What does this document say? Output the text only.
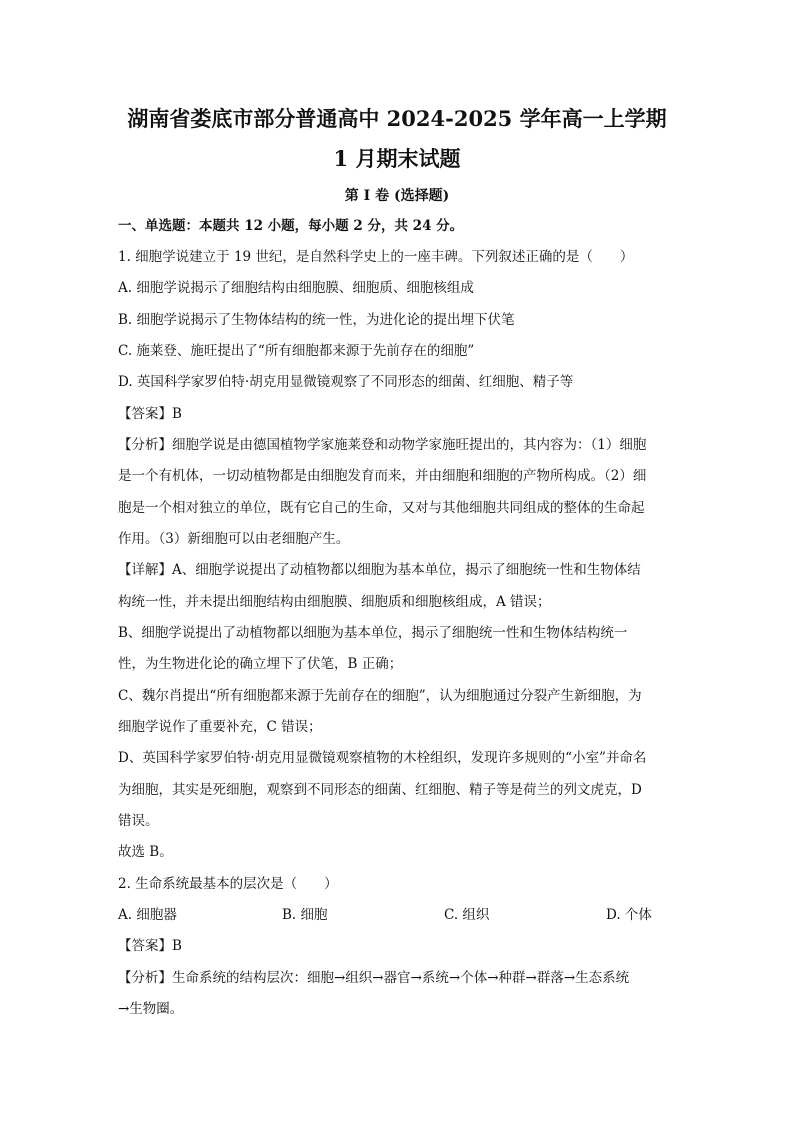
湖南省娄底市部分普通高中 2024-2025 学年高一上学期
1 月期末试题
第 I 卷 (选择题)
一、单选题：本题共 12 小题，每小题 2 分，共 24 分。
1. 细胞学说建立于 19 世纪，是自然科学史上的一座丰碑。下列叙述正确的是（　　）
A. 细胞学说揭示了细胞结构由细胞膜、细胞质、细胞核组成
B. 细胞学说揭示了生物体结构的统一性，为进化论的提出埋下伏笔
C. 施莱登、施旺提出了“所有细胞都来源于先前存在的细胞”
D. 英国科学家罗伯特·胡克用显微镜观察了不同形态的细菌、红细胞、精子等
【答案】B
【分析】细胞学说是由德国植物学家施莱登和动物学家施旺提出的，其内容为：（1）细胞
是一个有机体，一切动植物都是由细胞发育而来，并由细胞和细胞的产物所构成。（2）细
胞是一个相对独立的单位，既有它自己的生命，又对与其他细胞共同组成的整体的生命起
作用。（3）新细胞可以由老细胞产生。
【详解】A、细胞学说提出了动植物都以细胞为基本单位，揭示了细胞统一性和生物体结
构统一性，并未提出细胞结构由细胞膜、细胞质和细胞核组成，A 错误；
B、细胞学说提出了动植物都以细胞为基本单位，揭示了细胞统一性和生物体结构统一
性，为生物进化论的确立埋下了伏笔，B 正确；
C、魏尔肖提出“所有细胞都来源于先前存在的细胞”，认为细胞通过分裂产生新细胞，为
细胞学说作了重要补充，C 错误；
D、英国科学家罗伯特·胡克用显微镜观察植物的木栓组织，发现许多规则的“小室”并命名
为细胞，其实是死细胞，观察到不同形态的细菌、红细胞、精子等是荷兰的列文虎克，D
错误。
故选 B。
2. 生命系统最基本的层次是（　　）
A. 细胞器	B. 细胞	C. 组织	D. 个体
【答案】B
【分析】生命系统的结构层次：细胞→组织→器官→系统→个体→种群→群落→生态系统
→生物圈。
